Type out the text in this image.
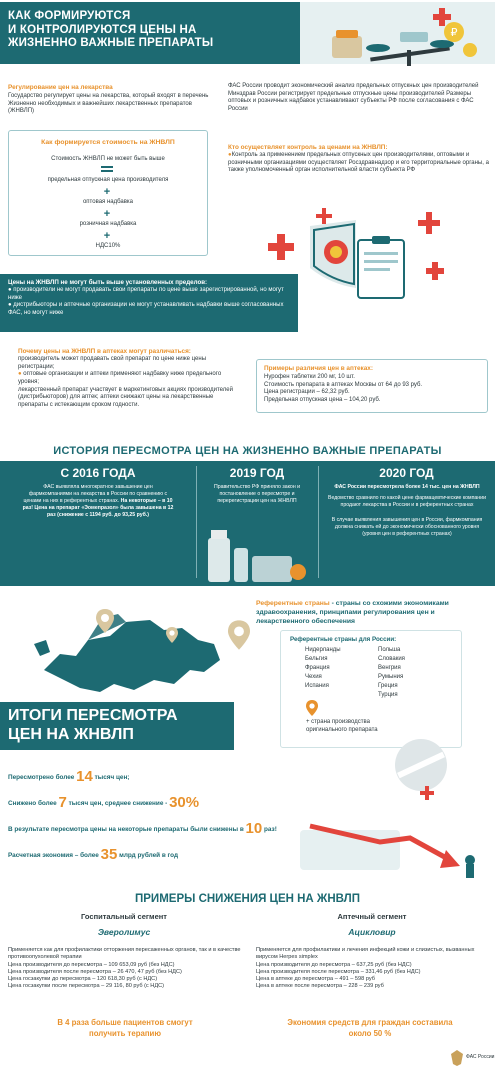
КАК ФОРМИРУЮТСЯ
И КОНТРОЛИРУЮТСЯ ЦЕНЫ НА
ЖИЗНЕННО ВАЖНЫЕ ПРЕПАРАТЫ
₽
Регулирование цен на лекарства
Государство регулирует цены на лекарства, который входят в перечень Жизненно необходимых и важнейших лекарственных препаратов (ЖНВЛП)
ФАС России проводит экономический анализ предельных отпускных цен производителей Минздрав России регистрирует предельные отпускные цены производителей Размеры оптовых и розничных надбавок устанавливают субъекты РФ после согласования с ФАС России
Как формируется стоимость на ЖНВЛП
Стоимость ЖНВЛП не может быть выше
предельная отпускная цена производителя
+
оптовая надбавка
+
розничная надбавка
+
НДС10%
Кто осуществляет контроль за ценами на ЖНВЛП:
●Контроль за применением предельных отпускных цен производителями, оптовыми и розничными организациями осуществляет Росздравнадзор и его территориальные органы, а также уполномоченный орган исполнительной власти субъекта РФ
Цены на ЖНВЛП не могут быть выше установленных пределов:
● производители не могут продавать свои препараты по цене выше зарегистрированной, но могут ниже
● дистрибьюторы и аптечные организации не могут устанавливать надбавки выше согласованных ФАС, но могут ниже
Почему цены на ЖНВЛП в аптеках могут различаться:
производитель может продавать свой препарат по цене ниже цены регистрации;
● оптовые организации и аптеки применяют надбавку ниже предельного уровня;
лекарственный препарат участвует в маркетинговых акциях производителей (дистрибьюторов) для аптек; аптеки снижают цены на лекарственные препараты с истекающим сроком годности.
Примеры различия цен в аптеках:
Нурофен таблетки 200 мг, 10 шт.
Стоимость препарата в аптеках Москвы от 64 до 93 руб.
Цена регистрации – 62,32 руб.
Предельная отпускная цена – 104,20 руб.
ИСТОРИЯ ПЕРЕСМОТРА ЦЕН НА ЖИЗНЕННО ВАЖНЫЕ ПРЕПАРАТЫ
С 2016 ГОДА

ФАС выявляла многократное завышение цен фармкомпаниями на лекарства в России по сравнению с ценами на них в референтных странах. На некоторые – в 10 раз! Цена на препарат «Эомепразол» была завышена в 12 раз (снижение с 1194 руб. до 93,25 руб.)

2019 ГОД

Правительство РФ приняло закон и постановление о пересмотре и перерегистрации цен на ЖНВЛП

2020 ГОД

ФАС России пересмотрела более 14 тыс. цен на ЖНВЛП

Ведомство сравнило по какой цене фармацевтические компании продают лекарства в России и в референтных странах

В случае выявления завышения цен в России, фармкомпания должна снижать ей до экономически обоснованного уровня (уровня цен в референтных странах)

Референтные страны - страны со схожими экономиками здравоохранения, принципами регулирования цен и лекарственного обеспечения
Референтные страны для России:
Нидерланды
Бельгия
Франция
Чехия
Испания
Польша
Словакия
Венгрия
Румыния
Греция
Турция
+ страна производства оригинального препарата
ИТОГИ ПЕРЕСМОТРА
ЦЕН НА ЖНВЛП
Пересмотрено более 14 тысяч цен;
Снижено более 7 тысяч цен, среднее снижение - 30%
В результате пересмотра цены на некоторые препараты были снижены в 10 раз!
Расчетная экономия – более 35 млрд рублей в год
ПРИМЕРЫ СНИЖЕНИЯ ЦЕН НА ЖНВЛП
Госпитальный сегмент
Эверолимус
Применяется как для профилактики отторжения пересаженных органов, так и в качестве противоопухолевой терапии
Цена производителя до пересмотра – 109 653,09 руб (без НДС)
Цена производителя после пересмотра – 26 470, 47 руб (без НДС)
Цена госзакупки до пересмотра – 120 618,30 руб (с НДС)
Цена госзакупки после пересмотра – 29 116, 80 руб (с НДС)
В 4 раза больше пациентов смогут получить терапию
Аптечный сегмент
Ацикловир
Применяется для профилактики и лечения инфекций кожи и слизистых, вызванных вирусом Herpes simplex
Цена производителя до пересмотра – 637,25 руб (без НДС)
Цена производителя после пересмотра – 331,46 руб (без НДС)
Цена в аптеке до пересмотра – 491 – 598 руб
Цена в аптеке после пересмотра – 228 – 239 руб
Экономия средств для граждан составила около 50 %
ФАС России
